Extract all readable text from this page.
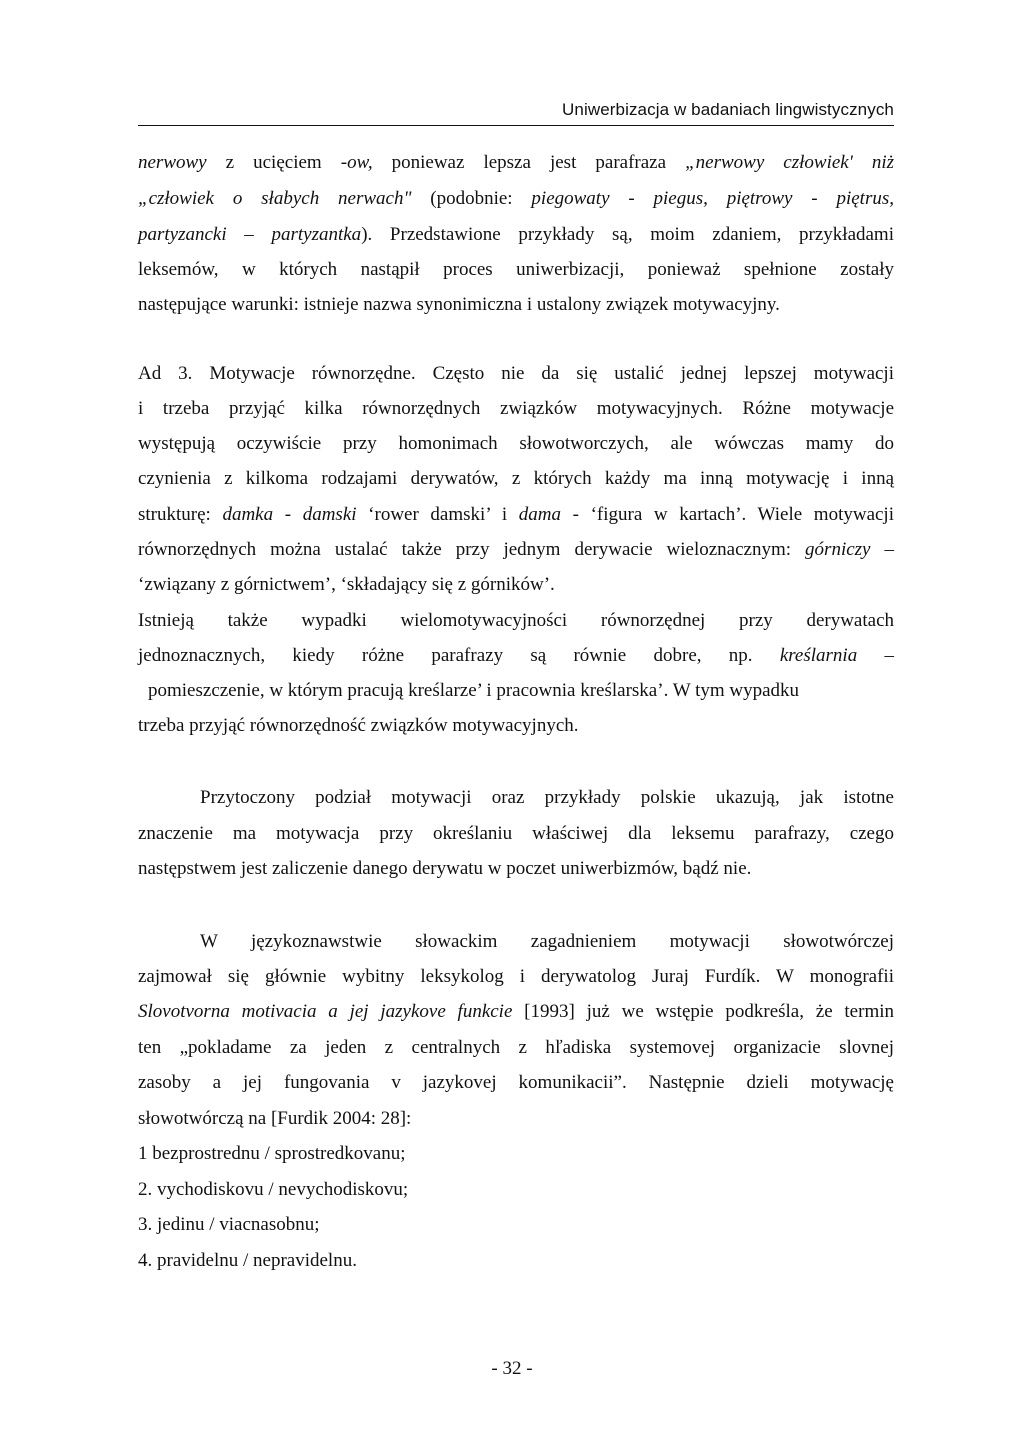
Uniwerbizacja w badaniach lingwistycznych
nerwowy z ucięciem -ow, poniewaz lepsza jest parafraza „nerwowy człowiek' niż
„człowiek o słabych nerwach" (podobnie: piegowaty - piegus, piętrowy - piętrus,
partyzancki – partyzantka). Przedstawione przykłady są, moim zdaniem, przykładami
leksemów, w których nastąpił proces uniwerbizacji, ponieważ spełnione zostały
następujące warunki: istnieje nazwa synonimiczna i ustalony związek motywacyjny.
Ad 3. Motywacje równorzędne. Często nie da się ustalić jednej lepszej motywacji
i trzeba przyjąć kilka równorzędnych związków motywacyjnych. Różne motywacje
występują oczywiście przy homonimach słowotworczych, ale wówczas mamy do
czynienia z kilkoma rodzajami derywatów, z których każdy ma inną motywację i inną
strukturę: damka - damski ‘rower damski’ i dama - ‘figura w kartach’. Wiele motywacji
równorzędnych można ustalać także przy jednym derywacie wieloznacznym: górniczy –
‘związany z górnictwem’, ‘składający się z górników’.
Istnieją także wypadki wielomotywacyjności równorzędnej przy derywatach
jednoznacznych, kiedy różne parafrazy są równie dobre, np. kreślarnia –
pomieszczenie, w którym pracują kreślarze’ i pracownia kreślarska’. W tym wypadku
trzeba przyjąć równorzędność związków motywacyjnych.
Przytoczony podział motywacji oraz przykłady polskie ukazują, jak istotne
znaczenie ma motywacja przy określaniu właściwej dla leksemu parafrazy, czego
następstwem jest zaliczenie danego derywatu w poczet uniwerbizmów, bądź nie.
W językoznawstwie słowackim zagadnieniem motywacji słowotwórczej
zajmował się głównie wybitny leksykolog i derywatolog Juraj Furdík. W monografii
Slovotvorna motivacia a jej jazykove funkcie [1993] już we wstępie podkreśla, że termin
ten „pokladame za jeden z centralnych z hľadiska systemovej organizacie slovnej
zasoby a jej fungovania v jazykovej komunikacii”. Następnie dzieli motywację
słowotwórczą na [Furdik 2004: 28]:
1 bezprostrednu / sprostredkovanu;
2. vychodiskovu / nevychodiskovu;
3. jedinu / viacnasobnu;
4. pravidelnu / nepravidelnu.
- 32 -
